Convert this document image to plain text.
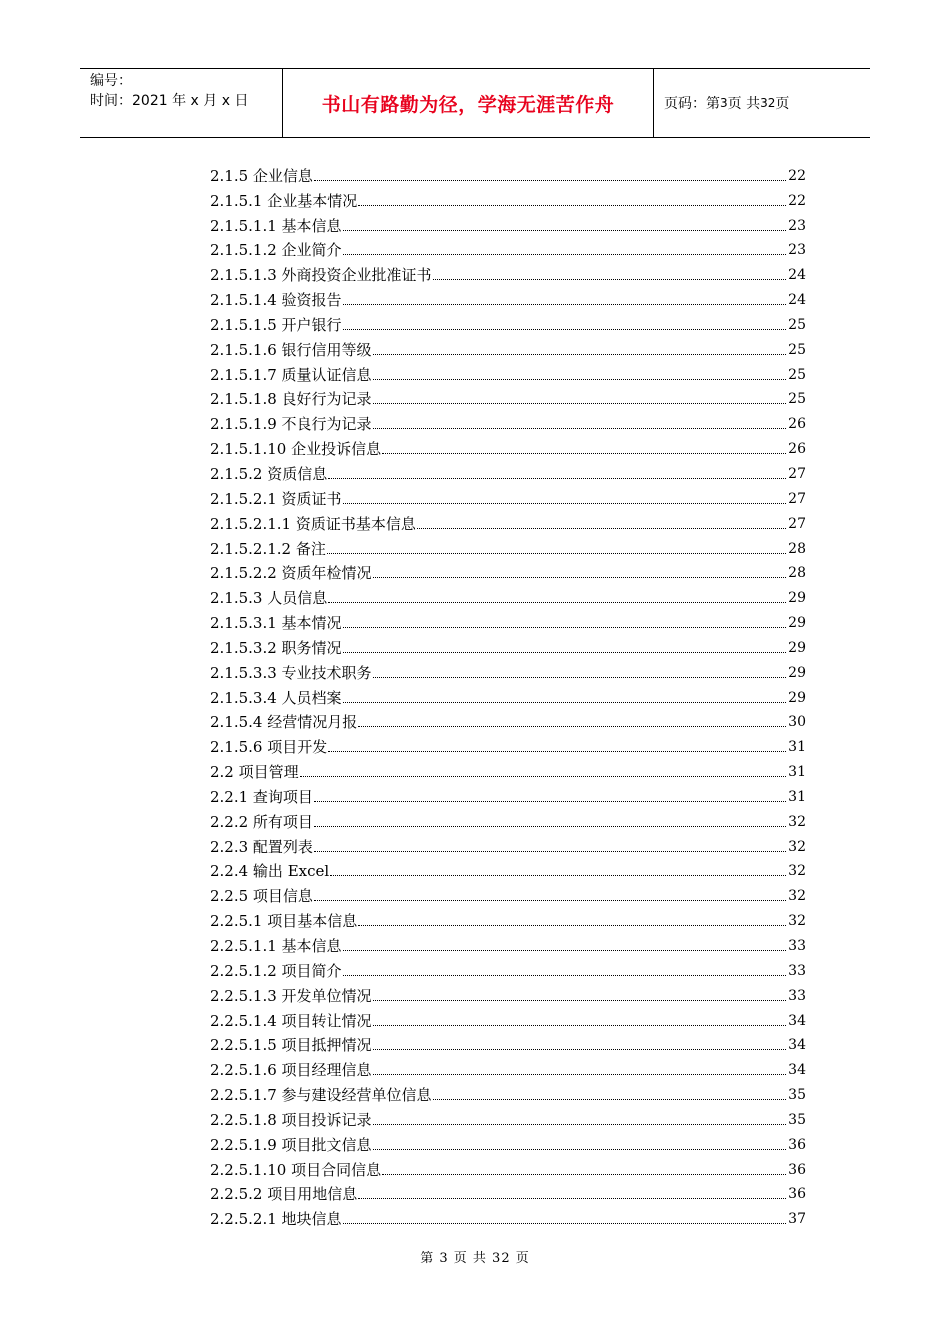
编号：
时间：2021 年 x 月 x 日	书山有路勤为径，学海无涯苦作舟	页码：第 3 页 共 32 页
2.1.5 企业信息	22
2.1.5.1 企业基本情况	22
2.1.5.1.1 基本信息	23
2.1.5.1.2 企业简介	23
2.1.5.1.3 外商投资企业批准证书	24
2.1.5.1.4 验资报告	24
2.1.5.1.5 开户银行	25
2.1.5.1.6 银行信用等级	25
2.1.5.1.7 质量认证信息	25
2.1.5.1.8 良好行为记录	25
2.1.5.1.9 不良行为记录	26
2.1.5.1.10 企业投诉信息	26
2.1.5.2 资质信息	27
2.1.5.2.1 资质证书	27
2.1.5.2.1.1 资质证书基本信息	27
2.1.5.2.1.2 备注	28
2.1.5.2.2 资质年检情况	28
2.1.5.3 人员信息	29
2.1.5.3.1 基本情况	29
2.1.5.3.2 职务情况	29
2.1.5.3.3 专业技术职务	29
2.1.5.3.4 人员档案	29
2.1.5.4 经营情况月报	30
2.1.5.6 项目开发	31
2.2 项目管理	31
2.2.1 查询项目	31
2.2.2 所有项目	32
2.2.3 配置列表	32
2.2.4 输出 Excel	32
2.2.5 项目信息	32
2.2.5.1 项目基本信息	32
2.2.5.1.1 基本信息	33
2.2.5.1.2 项目简介	33
2.2.5.1.3 开发单位情况	33
2.2.5.1.4 项目转让情况	34
2.2.5.1.5 项目抵押情况	34
2.2.5.1.6 项目经理信息	34
2.2.5.1.7 参与建设经营单位信息	35
2.2.5.1.8 项目投诉记录	35
2.2.5.1.9 项目批文信息	36
2.2.5.1.10 项目合同信息	36
2.2.5.2 项目用地信息	36
2.2.5.2.1 地块信息	37
第 3 页 共 32 页
